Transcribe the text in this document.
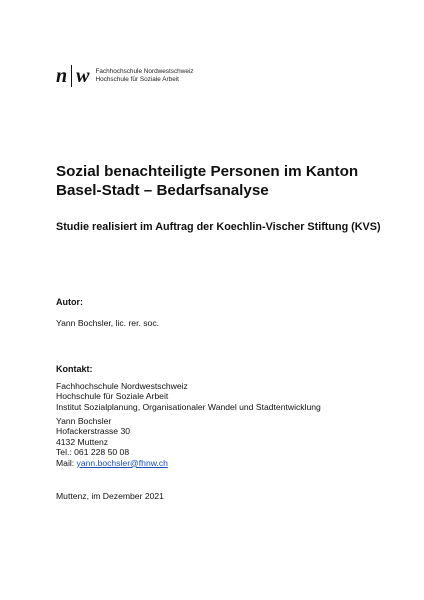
n w Fachhochschule Nordwestschweiz
Hochschule für Soziale Arbeit
Sozial benachteiligte Personen im Kanton Basel-Stadt – Bedarfsanalyse
Studie realisiert im Auftrag der Koechlin-Vischer Stiftung (KVS)

Autor:

Yann Bochsler, lic. rer. soc.

Kontakt:

Fachhochschule Nordwestschweiz
Hochschule für Soziale Arbeit
Institut Sozialplanung, Organisationaler Wandel und Stadtentwicklung
Yann Bochsler
Hofackerstrasse 30
4132 Muttenz
Tel.: 061 228 50 08
Mail: yann.bochsler@fhnw.ch

Muttenz, im Dezember 2021
